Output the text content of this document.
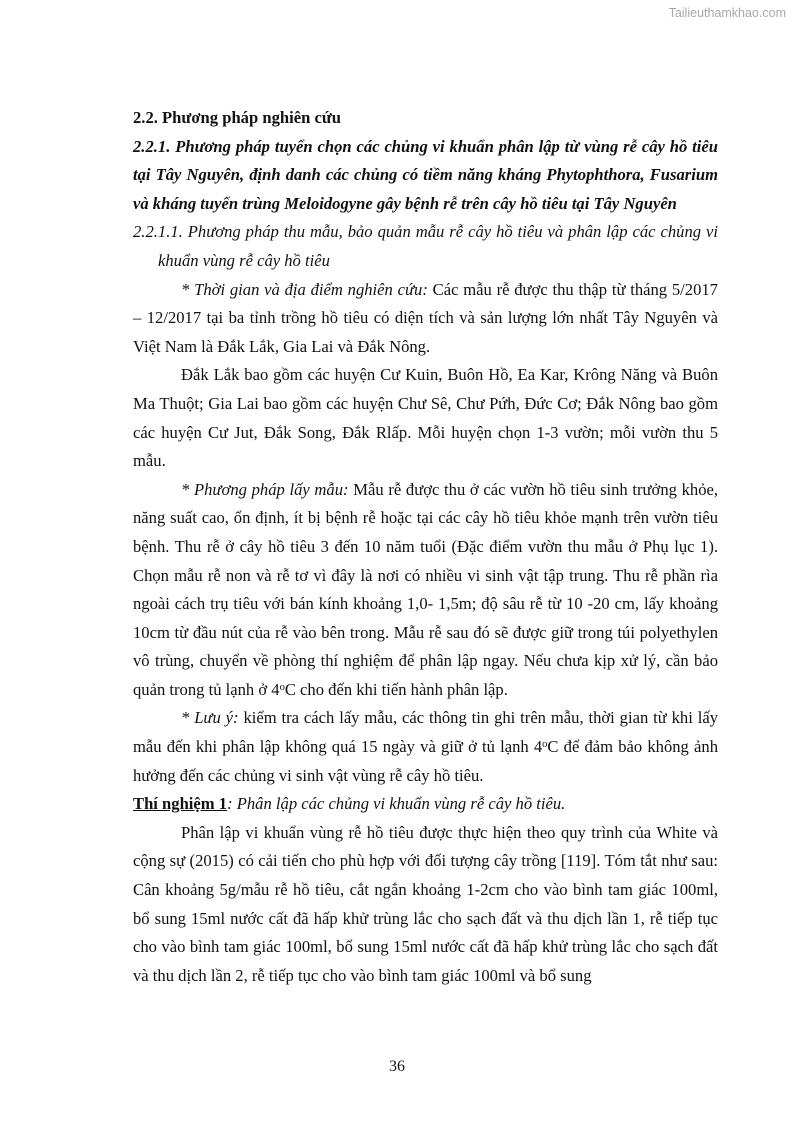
Tailieuthamkhao.com

2.2. Phương pháp nghiên cứu

2.2.1. Phương pháp tuyển chọn các chủng vi khuẩn phân lập từ vùng rễ cây hồ tiêu tại Tây Nguyên, định danh các chủng có tiềm năng kháng Phytophthora, Fusarium và kháng tuyến trùng Meloidogyne gây bệnh rễ trên cây hồ tiêu tại Tây Nguyên

2.2.1.1. Phương pháp thu mẫu, bảo quản mẫu rễ cây hồ tiêu và phân lập các chủng vi khuẩn vùng rễ cây hồ tiêu

* Thời gian và địa điểm nghiên cứu: Các mẫu rễ được thu thập từ tháng 5/2017 – 12/2017 tại ba tỉnh trồng hồ tiêu có diện tích và sản lượng lớn nhất Tây Nguyên và Việt Nam là Đắk Lắk, Gia Lai và Đắk Nông.

Đắk Lắk bao gồm các huyện Cư Kuin, Buôn Hồ, Ea Kar, Krông Năng và Buôn Ma Thuột; Gia Lai bao gồm các huyện Chư Sê, Chư Pứh, Đức Cơ; Đắk Nông bao gồm các huyện Cư Jut, Đắk Song, Đắk Rlấp. Mỗi huyện chọn 1-3 vườn; mỗi vườn thu 5 mẫu.

* Phương pháp lấy mẫu: Mẫu rễ được thu ở các vườn hồ tiêu sinh trưởng khỏe, năng suất cao, ổn định, ít bị bệnh rễ hoặc tại các cây hồ tiêu khỏe mạnh trên vườn tiêu bệnh. Thu rễ ở cây hồ tiêu 3 đến 10 năm tuổi (Đặc điểm vườn thu mẫu ở Phụ lục 1). Chọn mẫu rễ non và rễ tơ vì đây là nơi có nhiều vi sinh vật tập trung. Thu rễ phần rìa ngoài cách trụ tiêu với bán kính khoảng 1,0- 1,5m; độ sâu rễ từ 10 -20 cm, lấy khoảng 10cm từ đầu nút của rễ vào bên trong. Mẫu rễ sau đó sẽ được giữ trong túi polyethylen vô trùng, chuyển về phòng thí nghiệm để phân lập ngay. Nếu chưa kịp xử lý, cần bảo quản trong tủ lạnh ở 4$^o$C cho đến khi tiến hành phân lập.

* Lưu ý: kiểm tra cách lấy mẫu, các thông tin ghi trên mẫu, thời gian từ khi lấy mẫu đến khi phân lập không quá 15 ngày và giữ ở tủ lạnh 4$^o$C để đảm bảo không ảnh hưởng đến các chủng vi sinh vật vùng rễ cây hồ tiêu.

Thí nghiệm 1: Phân lập các chủng vi khuẩn vùng rễ cây hồ tiêu.

Phân lập vi khuẩn vùng rễ hồ tiêu được thực hiện theo quy trình của White và cộng sự (2015) có cải tiến cho phù hợp với đối tượng cây trồng [119]. Tóm tắt như sau: Cân khoảng 5g/mẫu rễ hồ tiêu, cắt ngắn khoảng 1-2cm cho vào bình tam giác 100ml, bổ sung 15ml nước cất đã hấp khử trùng lắc cho sạch đất và thu dịch lần 1, rễ tiếp tục cho vào bình tam giác 100ml, bổ sung 15ml nước cất đã hấp khử trùng lắc cho sạch đất và thu dịch lần 2, rễ tiếp tục cho vào bình tam giác 100ml và bổ sung

36
